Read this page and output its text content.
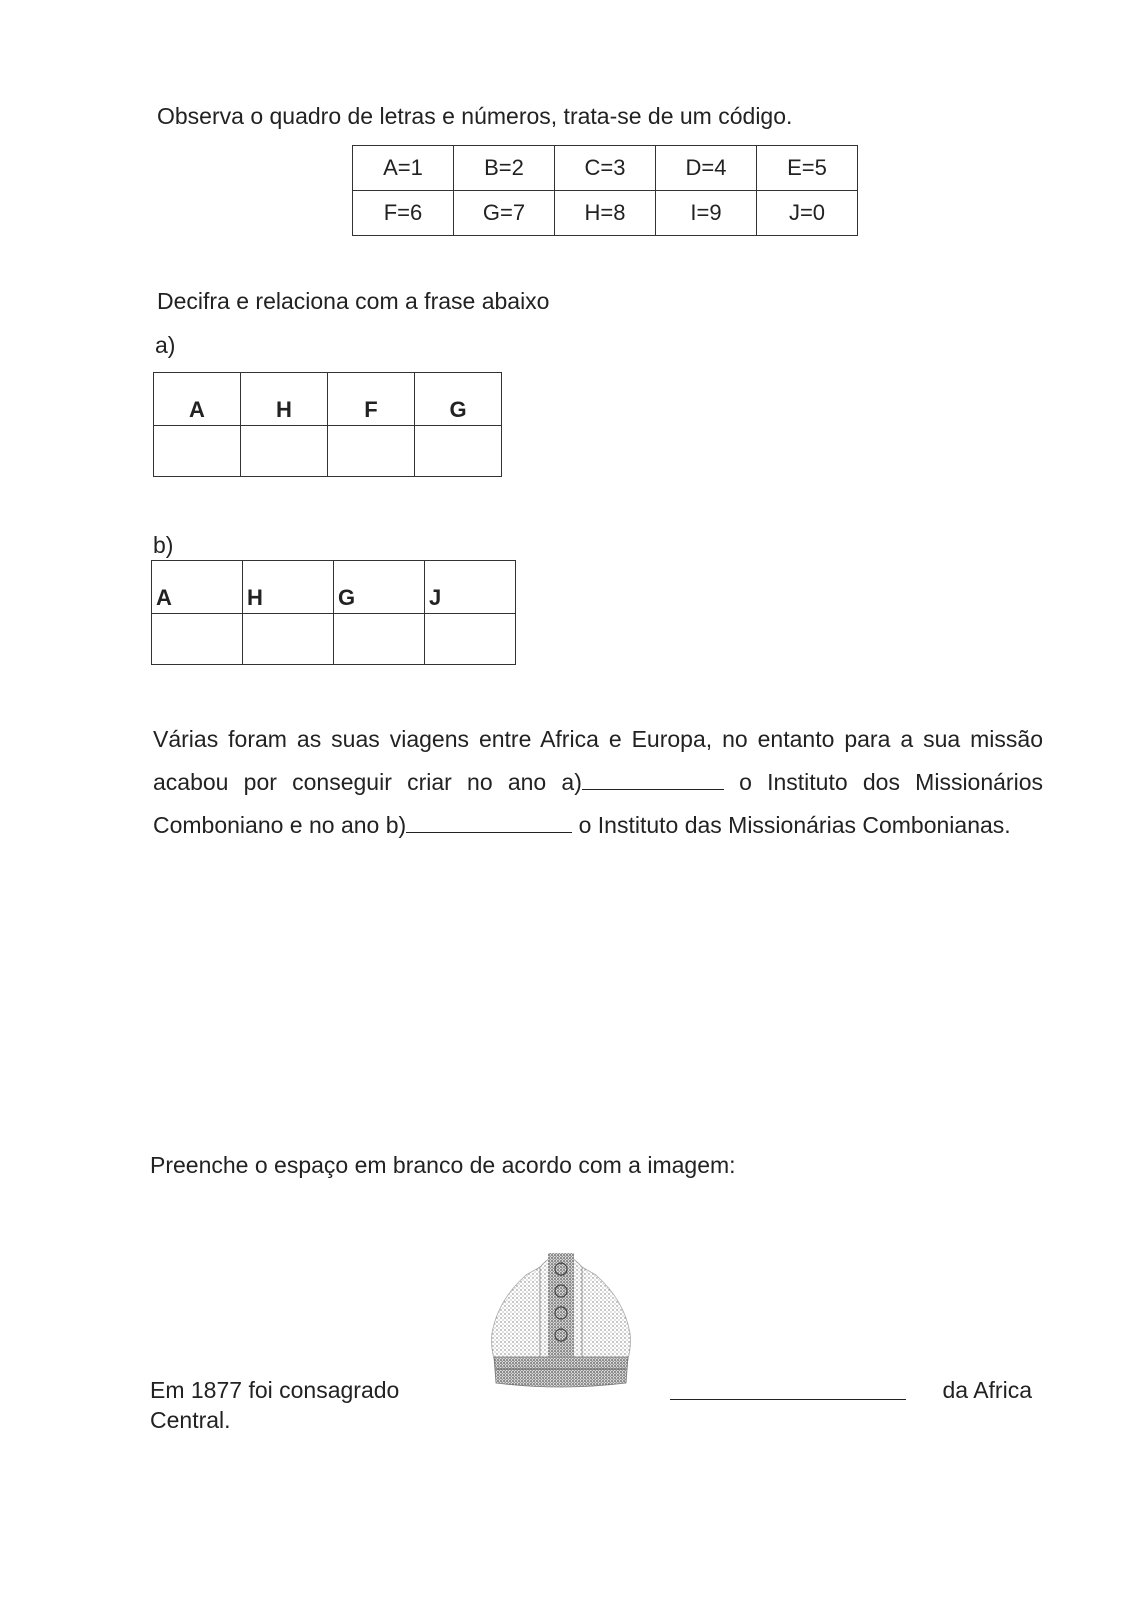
Observa o quadro de letras e números, trata-se de um código.
A=1	B=2	C=3	D=4	E=5
F=6	G=7	H=8	I=9	J=0
Decifra e relaciona com a frase abaixo
a)
A	H	F	G

b)
A	H	G	J

Várias foram as suas viagens entre Africa e Europa, no entanto para a sua missão acabou por conseguir criar no ano a)	o Instituto dos Missionários Comboniano e no ano b)	o Instituto das Missionárias Combonianas.
Preenche o espaço em branco de acordo com a imagem:
Em 1877 foi consagrado	da Africa
Central.
